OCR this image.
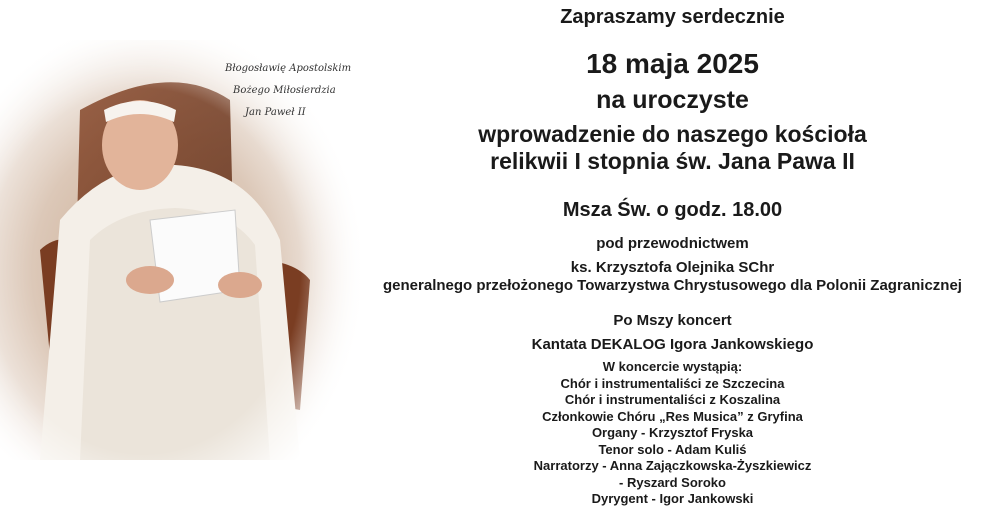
Błogosławię Apostolskim
Bożego Miłosierdzia
Jan Paweł II
Zapraszamy serdecznie
18 maja 2025
na uroczyste
wprowadzenie do naszego kościoła
relikwii I stopnia św. Jana Pawa II
Msza Św. o godz. 18.00
pod przewodnictwem
ks. Krzysztofa Olejnika SChr
generalnego przełożonego Towarzystwa Chrystusowego dla Polonii Zagranicznej
Po Mszy koncert
Kantata DEKALOG Igora Jankowskiego
W koncercie wystąpią:
Chór i instrumentaliści ze Szczecina
Chór i instrumentaliści z Koszalina
Członkowie Chóru „Res Musica” z Gryfina
Organy - Krzysztof Fryska
Tenor solo - Adam Kuliś
Narratorzy - Anna Zajączkowska-Żyszkiewicz
- Ryszard Soroko
Dyrygent - Igor Jankowski
